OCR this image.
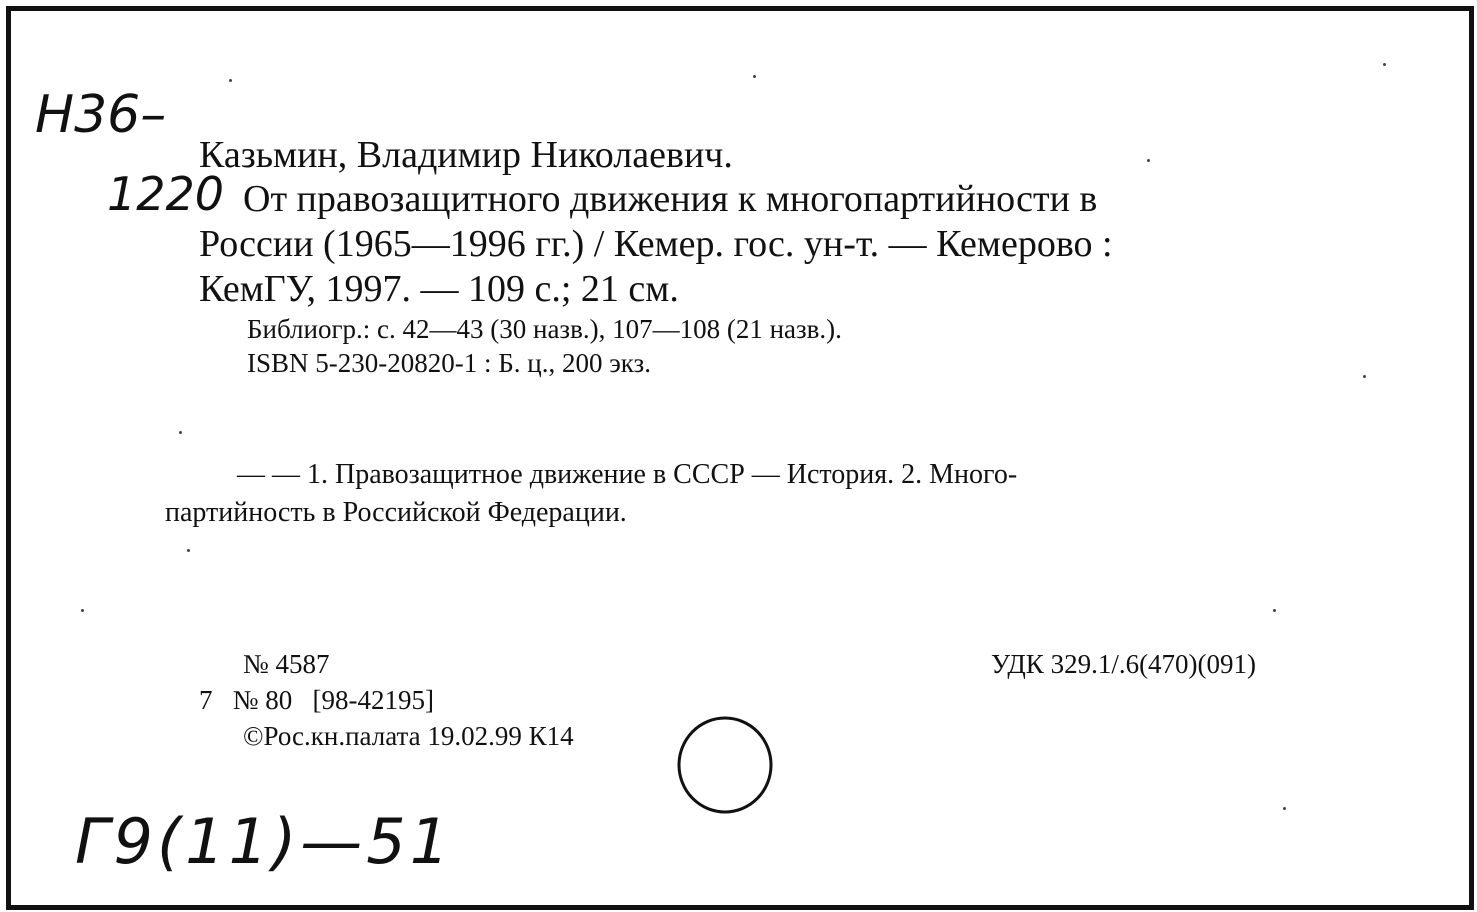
Н36–
1220
Казьмин, Владимир Николаевич.
От правозащитного движения к многопартийности в
России (1965—1996 гг.) / Кемер. гос. ун-т. — Кемерово :
КемГУ, 1997. — 109 с.; 21 см.
Библиогр.: с. 42—43 (30 назв.), 107—108 (21 назв.).
ISBN 5-230-20820-1 : Б. ц., 200 экз.
— — 1. Правозащитное движение в СССР — История. 2. Много-
партийность в Российской Федерации.
№ 4587	УДК 329.1/.6(470)(091)
7   № 80   [98-42195]
©Рос.кн.палата 19.02.99 К14
Г9(11)—51
